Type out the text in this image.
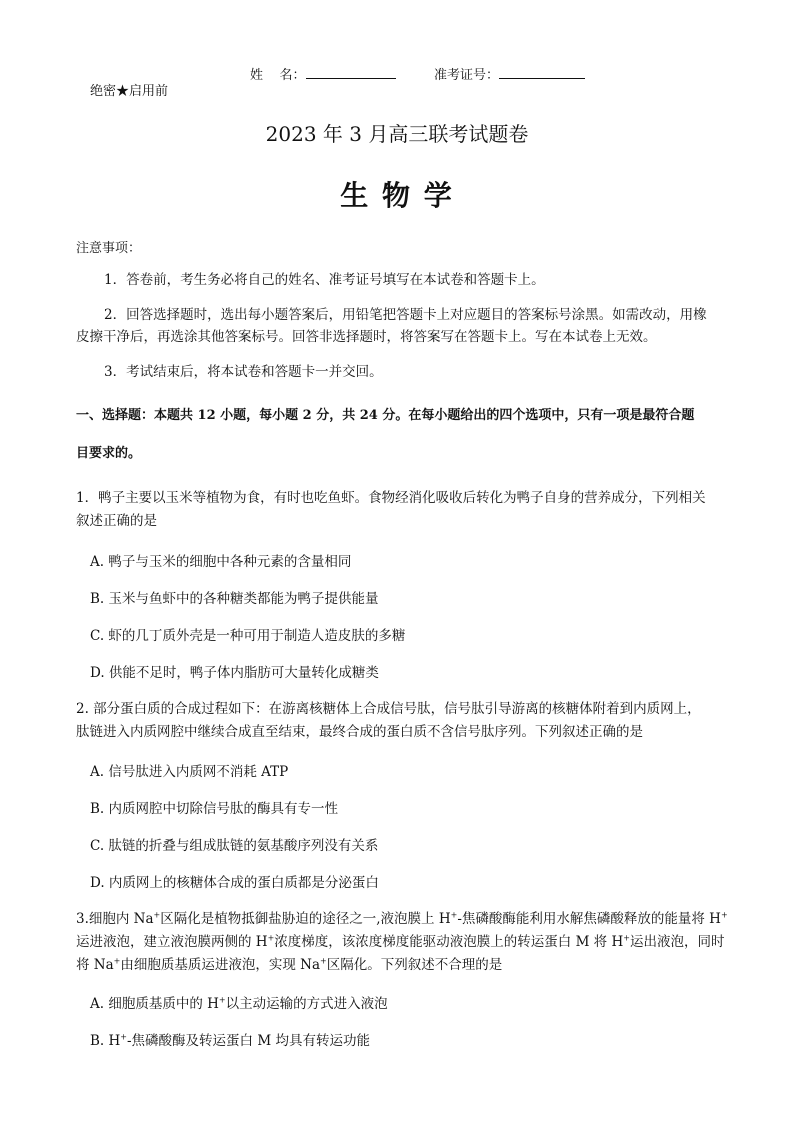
姓    名：	准考证号：
绝密★启用前
2023 年 3 月高三联考试题卷
生 物 学
注意事项：
1．答卷前，考生务必将自己的姓名、准考证号填写在本试卷和答题卡上。
2．回答选择题时，选出每小题答案后，用铅笔把答题卡上对应题目的答案标号涂黑。如需改动，用橡
皮擦干净后，再选涂其他答案标号。回答非选择题时，将答案写在答题卡上。写在本试卷上无效。
3．考试结束后，将本试卷和答题卡一并交回。
一、选择题：本题共 12 小题，每小题 2 分，共 24 分。在每小题给出的四个选项中，只有一项是最符合题
目要求的。
1．鸭子主要以玉米等植物为食，有时也吃鱼虾。食物经消化吸收后转化为鸭子自身的营养成分，下列相关
叙述正确的是
A. 鸭子与玉米的细胞中各种元素的含量相同
B. 玉米与鱼虾中的各种糖类都能为鸭子提供能量
C. 虾的几丁质外壳是一种可用于制造人造皮肤的多糖
D. 供能不足时，鸭子体内脂肪可大量转化成糖类
2. 部分蛋白质的合成过程如下：在游离核糖体上合成信号肽，信号肽引导游离的核糖体附着到内质网上，
肽链进入内质网腔中继续合成直至结束，最终合成的蛋白质不含信号肽序列。下列叙述正确的是
A. 信号肽进入内质网不消耗 ATP
B. 内质网腔中切除信号肽的酶具有专一性
C. 肽链的折叠与组成肽链的氨基酸序列没有关系
D. 内质网上的核糖体合成的蛋白质都是分泌蛋白
3.细胞内 Na+区隔化是植物抵御盐胁迫的途径之一,液泡膜上 H+-焦磷酸酶能利用水解焦磷酸释放的能量将 H+
运进液泡，建立液泡膜两侧的 H+浓度梯度，该浓度梯度能驱动液泡膜上的转运蛋白 M 将 H+运出液泡，同时
将 Na+由细胞质基质运进液泡，实现 Na+区隔化。下列叙述不合理的是
A. 细胞质基质中的 H+以主动运输的方式进入液泡
B. H+-焦磷酸酶及转运蛋白 M 均具有转运功能
